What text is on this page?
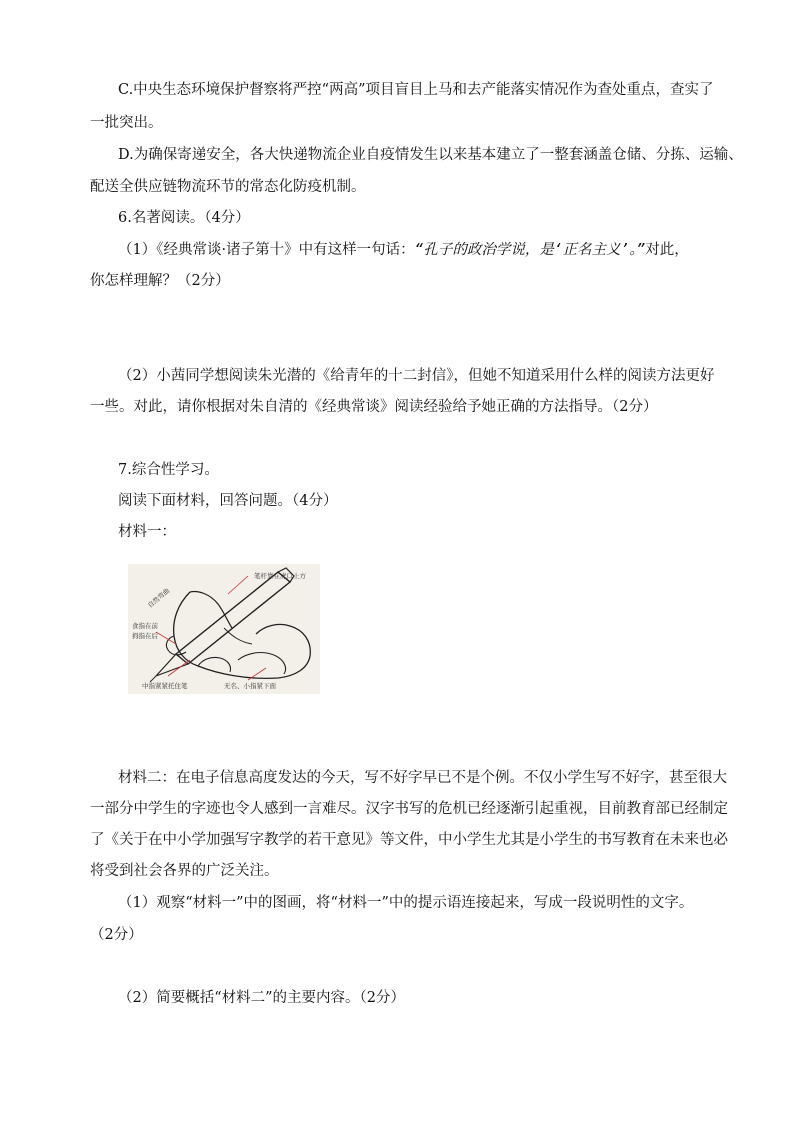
C.中央生态环境保护督察将严控“两高”项目盲目上马和去产能落实情况作为查处重点，查实了
一批突出。
D.为确保寄递安全，各大快递物流企业自疫情发生以来基本建立了一整套涵盖仓储、分拣、运输、
配送全供应链物流环节的常态化防疫机制。
6.名著阅读。（4分）
（1）《经典常谈·诸子第十》中有这样一句话：“孔子的政治学说，是‘正名主义’。”对此，
你怎样理解？（2分）
（2）小茜同学想阅读朱光潜的《给青年的十二封信》，但她不知道采用什么样的阅读方法更好
一些。对此，请你根据对朱自清的《经典常谈》阅读经验给予她正确的方法指导。（2分）
7.综合性学习。
阅读下面材料，回答问题。（4分）
材料一：
笔杆靠在虎口上方
自然弯曲
食指在前
拇指在后
中指紧紧托住笔	无名、小指紧下面
材料二：在电子信息高度发达的今天，写不好字早已不是个例。不仅小学生写不好字，甚至很大
一部分中学生的字迹也令人感到一言难尽。汉字书写的危机已经逐渐引起重视，目前教育部已经制定
了《关于在中小学加强写字教学的若干意见》等文件，中小学生尤其是小学生的书写教育在未来也必
将受到社会各界的广泛关注。
（1）观察“材料一”中的图画，将“材料一”中的提示语连接起来，写成一段说明性的文字。
（2分）
（2）简要概括“材料二”的主要内容。（2分）
